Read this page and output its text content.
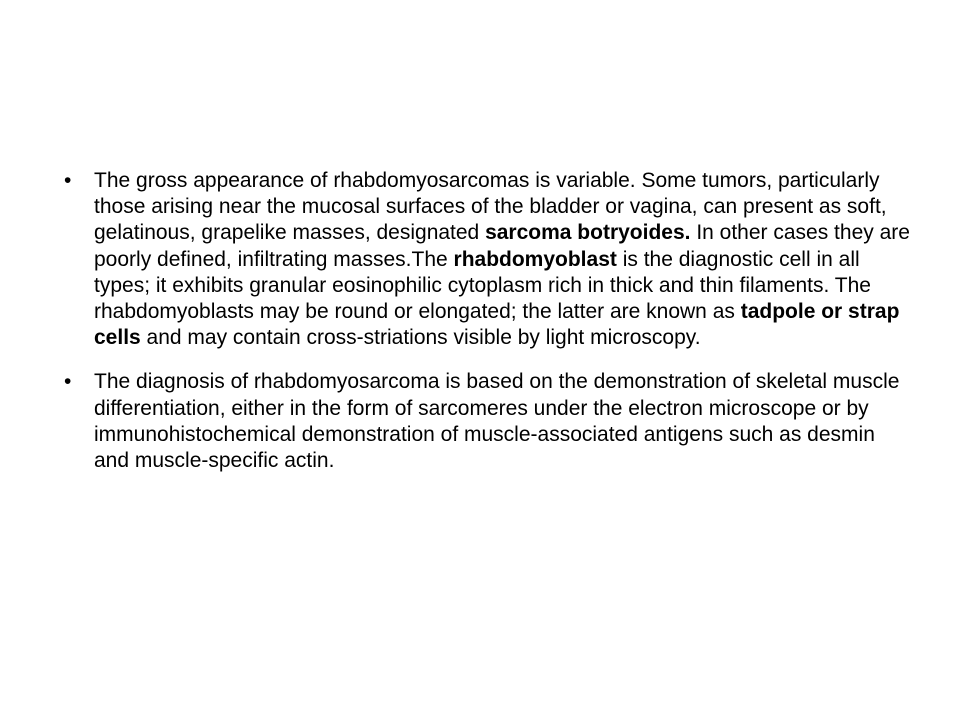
•	The gross appearance of rhabdomyosarcomas is variable. Some tumors, particularly those arising near the mucosal surfaces of the bladder or vagina, can present as soft, gelatinous, grapelike masses, designated sarcoma botryoides. In other cases they are poorly defined, infiltrating masses.The rhabdomyoblast is the diagnostic cell in all types; it exhibits granular eosinophilic cytoplasm rich in thick and thin filaments. The rhabdomyoblasts may be round or elongated; the latter are known as tadpole or strap cells and may contain cross-striations visible by light microscopy.
•	The diagnosis of rhabdomyosarcoma is based on the demonstration of skeletal muscle differentiation, either in the form of sarcomeres under the electron microscope or by immunohistochemical demonstration of muscle-associated antigens such as desmin and muscle-specific actin.
